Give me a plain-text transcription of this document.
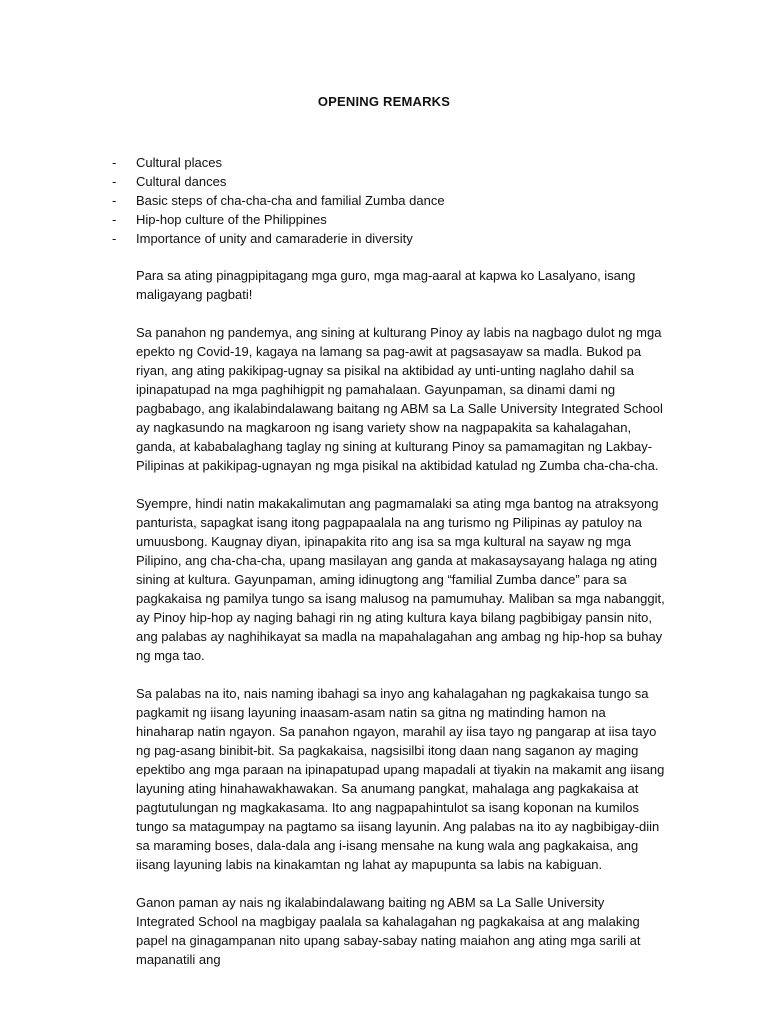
OPENING REMARKS
- Cultural places
- Cultural dances
- Basic steps of cha-cha-cha and familial Zumba dance
- Hip-hop culture of the Philippines
- Importance of unity and camaraderie in diversity

Para sa ating pinagpipitagang mga guro, mga mag-aaral at kapwa ko Lasalyano, isang maligayang pagbati!

Sa panahon ng pandemya, ang sining at kulturang Pinoy ay labis na nagbago dulot ng mga epekto ng Covid-19, kagaya na lamang sa pag-awit at pagsasayaw sa madla. Bukod pa riyan, ang ating pakikipag-ugnay sa pisikal na aktibidad ay unti-unting naglaho dahil sa ipinapatupad na mga paghihigpit ng pamahalaan. Gayunpaman, sa dinami dami ng pagbabago, ang ikalabindalawang baitang ng ABM sa La Salle University Integrated School ay nagkasundo na magkaroon ng isang variety show na nagpapakita sa kahalagahan, ganda, at kababalaghang taglay ng sining at kulturang Pinoy sa pamamagitan ng Lakbay-Pilipinas at pakikipag-ugnayan ng mga pisikal na aktibidad katulad ng Zumba cha-cha-cha.

Syempre, hindi natin makakalimutan ang pagmamalaki sa ating mga bantog na atraksyong panturista, sapagkat isang itong pagpapaalala na ang turismo ng Pilipinas ay patuloy na umuusbong. Kaugnay diyan, ipinapakita rito ang isa sa mga kultural na sayaw ng mga Pilipino, ang cha-cha-cha, upang masilayan ang ganda at makasaysayang halaga ng ating sining at kultura. Gayunpaman, aming idinugtong ang “familial Zumba dance” para sa pagkakaisa ng pamilya tungo sa isang malusog na pamumuhay. Maliban sa mga nabanggit, ay Pinoy hip-hop ay naging bahagi rin ng ating kultura kaya bilang pagbibigay pansin nito, ang palabas ay naghihikayat sa madla na mapahalagahan ang ambag ng hip-hop sa buhay ng mga tao.

Sa palabas na ito, nais naming ibahagi sa inyo ang kahalagahan ng pagkakaisa tungo sa pagkamit ng iisang layuning inaasam-asam natin sa gitna ng matinding hamon na hinaharap natin ngayon. Sa panahon ngayon, marahil ay iisa tayo ng pangarap at iisa tayo ng pag-asang binibit-bit. Sa pagkakaisa, nagsisilbi itong daan nang saganon ay maging epektibo ang mga paraan na ipinapatupad upang mapadali at tiyakin na makamit ang iisang layuning ating hinahawakhawakan. Sa anumang pangkat, mahalaga ang pagkakaisa at pagtutulungan ng magkakasama. Ito ang nagpapahintulot sa isang koponan na kumilos tungo sa matagumpay na pagtamo sa iisang layunin. Ang palabas na ito ay nagbibigay-diin sa maraming boses, dala-dala ang i-isang mensahe na kung wala ang pagkakaisa, ang iisang layuning labis na kinakamtan ng lahat ay mapupunta sa labis na kabiguan.

Ganon paman ay nais ng ikalabindalawang baiting ng ABM sa La Salle University Integrated School na magbigay paalala sa kahalagahan ng pagkakaisa at ang malaking papel na ginagampanan nito upang sabay-sabay nating maiahon ang ating mga sarili at mapanatili ang
